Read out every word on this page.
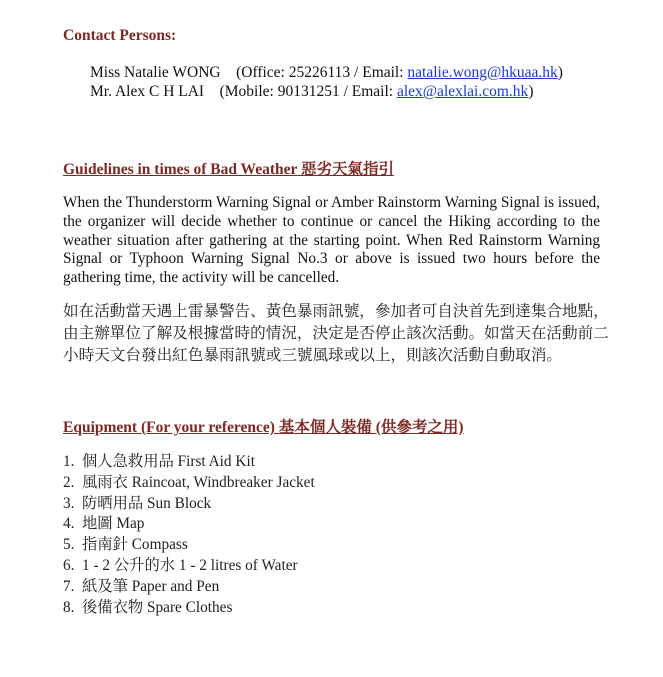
Contact Persons:
Miss Natalie WONG (Office: 25226113 / Email: natalie.wong@hkuaa.hk)
Mr. Alex C H LAI (Mobile: 90131251 / Email: alex@alexlai.com.hk)
Guidelines in times of Bad Weather 惡劣天氣指引
When the Thunderstorm Warning Signal or Amber Rainstorm Warning Signal is issued, the organizer will decide whether to continue or cancel the Hiking according to the weather situation after gathering at the starting point. When Red Rainstorm Warning Signal or Typhoon Warning Signal No.3 or above is issued two hours before the gathering time, the activity will be cancelled.
如在活動當天遇上雷暴警告、黃色暴雨訊號，參加者可自決首先到達集合地點，由主辦單位了解及根據當時的情況，決定是否停止該次活動。如當天在活動前二小時天文台發出紅色暴雨訊號或三號風球或以上，則該次活動自動取消。
Equipment (For your reference) 基本個人裝備 (供參考之用)
1. 個人急救用品 First Aid Kit
2. 風雨衣 Raincoat, Windbreaker Jacket
3. 防晒用品 Sun Block
4. 地圖 Map
5. 指南針 Compass
6. 1 - 2 公升的水 1 - 2 litres of Water
7. 紙及筆 Paper and Pen
8. 後備衣物 Spare Clothes
